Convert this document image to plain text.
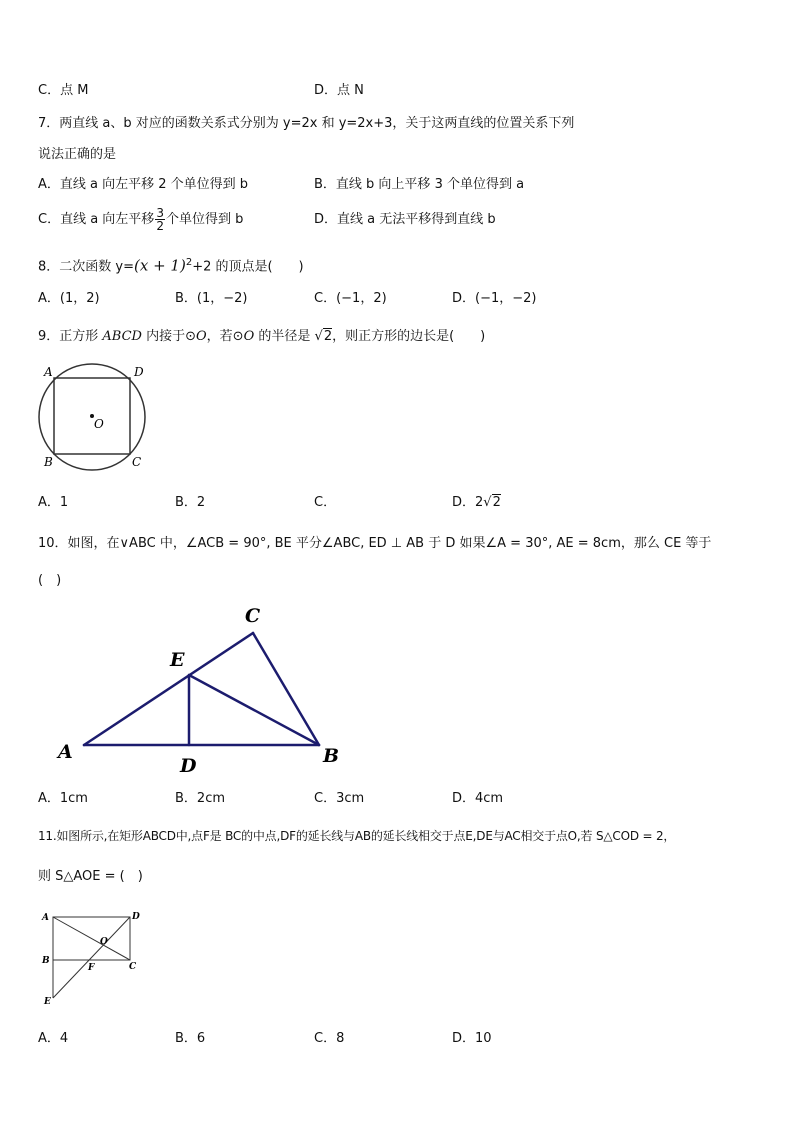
C．点 M	D．点 N
7．两直线 a、b 对应的函数关系式分别为 y=2x 和 y=2x+3，关于这两直线的位置关系下列
说法正确的是
A．直线 a 向左平移 2 个单位得到 b	B．直线 b 向上平移 3 个单位得到 a
C．直线 a 向左平移 $\frac{3}{2}$ 个单位得到 b	D．直线 a 无法平移得到直线 b
8．二次函数 $y=(x + 1)^2+2$ 的顶点是(　　)
A．(1，2)	B．(1，−2)	C．(−1，2)	D．(−1，−2)
9．正方形 ABCD 内接于⊙O，若⊙O 的半径是 √2，则正方形的边长是(　　)
A	D
B	C
O
A．1	B．2	C．	D．2√2
10．如图，在∨ABC 中，∠ACB = 90°, BE 平分∠ABC, ED ⊥ AB 于 D 如果∠A = 30°, AE = 8cm，那么 CE 等于
(　)
C
E
A
D	B
A．1cm	B．2cm	C．3cm	D．4cm
11.如图所示,在矩形ABCD中,点F是 BC的中点,DF的延长线与AB的延长线相交于点E,DE与AC相交于点O,若 S△COD = 2，
则 S△AOE = (　)
A	D
O
B
F	C
E
A．4	B．6	C．8	D．10
